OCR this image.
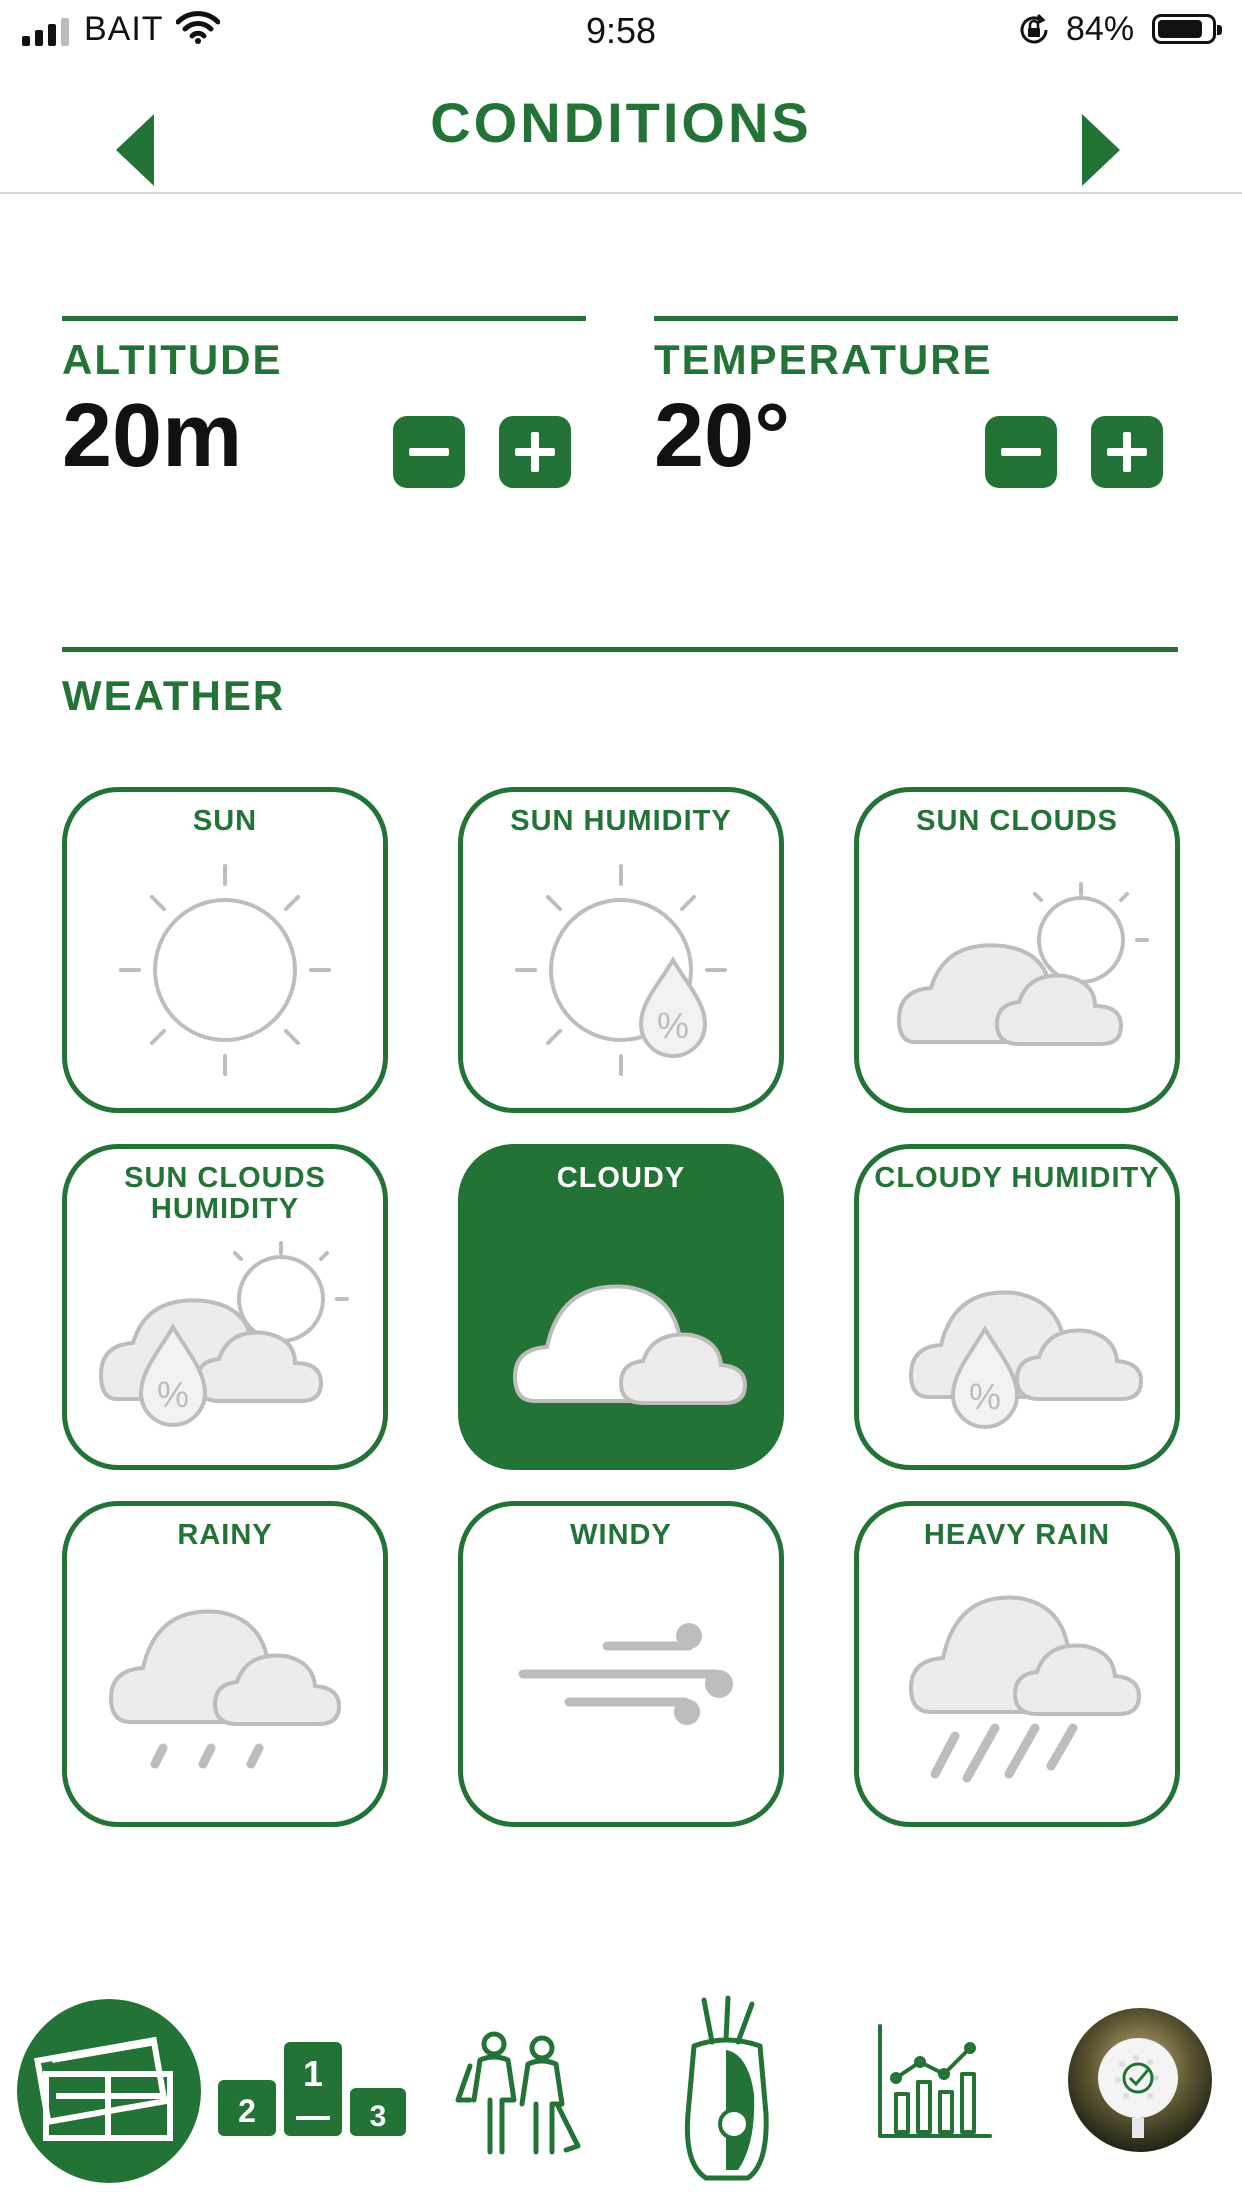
BAIT	9:58	84%
CONDITIONS
ALTITUDE
20m
TEMPERATURE
20°
WEATHER
SUN	SUN HUMIDITY
%
SUN CLOUDS
SUN CLOUDS HUMIDITY
%
CLOUDY	CLOUDY HUMIDITY
%
RAINY	WINDY	HEAVY RAIN
2
1
3
